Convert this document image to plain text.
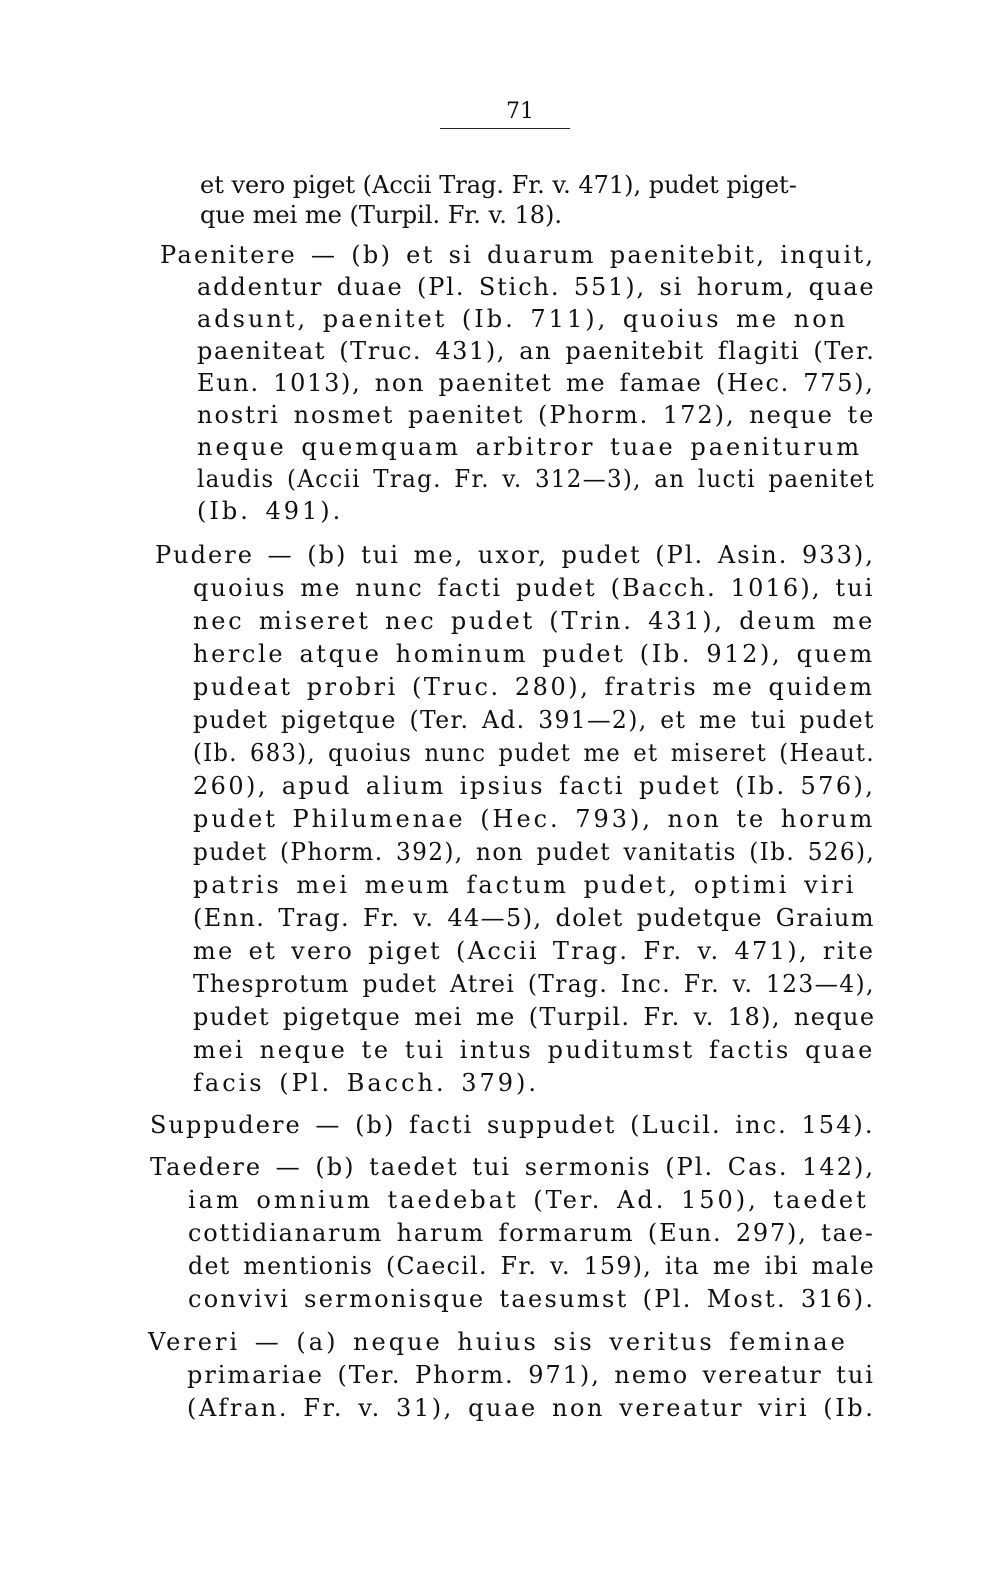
71
et vero piget (Accii Trag. Fr. v. 471), pudet piget-
que mei me (Turpil. Fr. v. 18).
Paenitere — (b) et si duarum paenitebit, inquit,
addentur duae (Pl. Stich. 551), si horum, quae
adsunt, paenitet (Ib. 711), quoius me non
paeniteat (Truc. 431), an paenitebit flagiti (Ter.
Eun. 1013), non paenitet me famae (Hec. 775),
nostri nosmet paenitet (Phorm. 172), neque te
neque quemquam arbitror tuae paeniturum
laudis (Accii Trag. Fr. v. 312—3), an lucti paenitet
(Ib. 491).
Pudere — (b) tui me, uxor, pudet (Pl. Asin. 933),
quoius me nunc facti pudet (Bacch. 1016), tui
nec miseret nec pudet (Trin. 431), deum me
hercle atque hominum pudet (Ib. 912), quem
pudeat probri (Truc. 280), fratris me quidem
pudet pigetque (Ter. Ad. 391—2), et me tui pudet
(Ib. 683), quoius nunc pudet me et miseret (Heaut.
260), apud alium ipsius facti pudet (Ib. 576),
pudet Philumenae (Hec. 793), non te horum
pudet (Phorm. 392), non pudet vanitatis (Ib. 526),
patris mei meum factum pudet, optimi viri
(Enn. Trag. Fr. v. 44—5), dolet pudetque Graium
me et vero piget (Accii Trag. Fr. v. 471), rite
Thesprotum pudet Atrei (Trag. Inc. Fr. v. 123—4),
pudet pigetque mei me (Turpil. Fr. v. 18), neque
mei neque te tui intus puditumst factis quae
facis (Pl. Bacch. 379).
Suppudere — (b) facti suppudet (Lucil. inc. 154).
Taedere — (b) taedet tui sermonis (Pl. Cas. 142),
iam omnium taedebat (Ter. Ad. 150), taedet
cottidianarum harum formarum (Eun. 297), tae-
det mentionis (Caecil. Fr. v. 159), ita me ibi male
convivi sermonisque taesumst (Pl. Most. 316).
Vereri — (a) neque huius sis veritus feminae
primariae (Ter. Phorm. 971), nemo vereatur tui
(Afran. Fr. v. 31), quae non vereatur viri (Ib.
